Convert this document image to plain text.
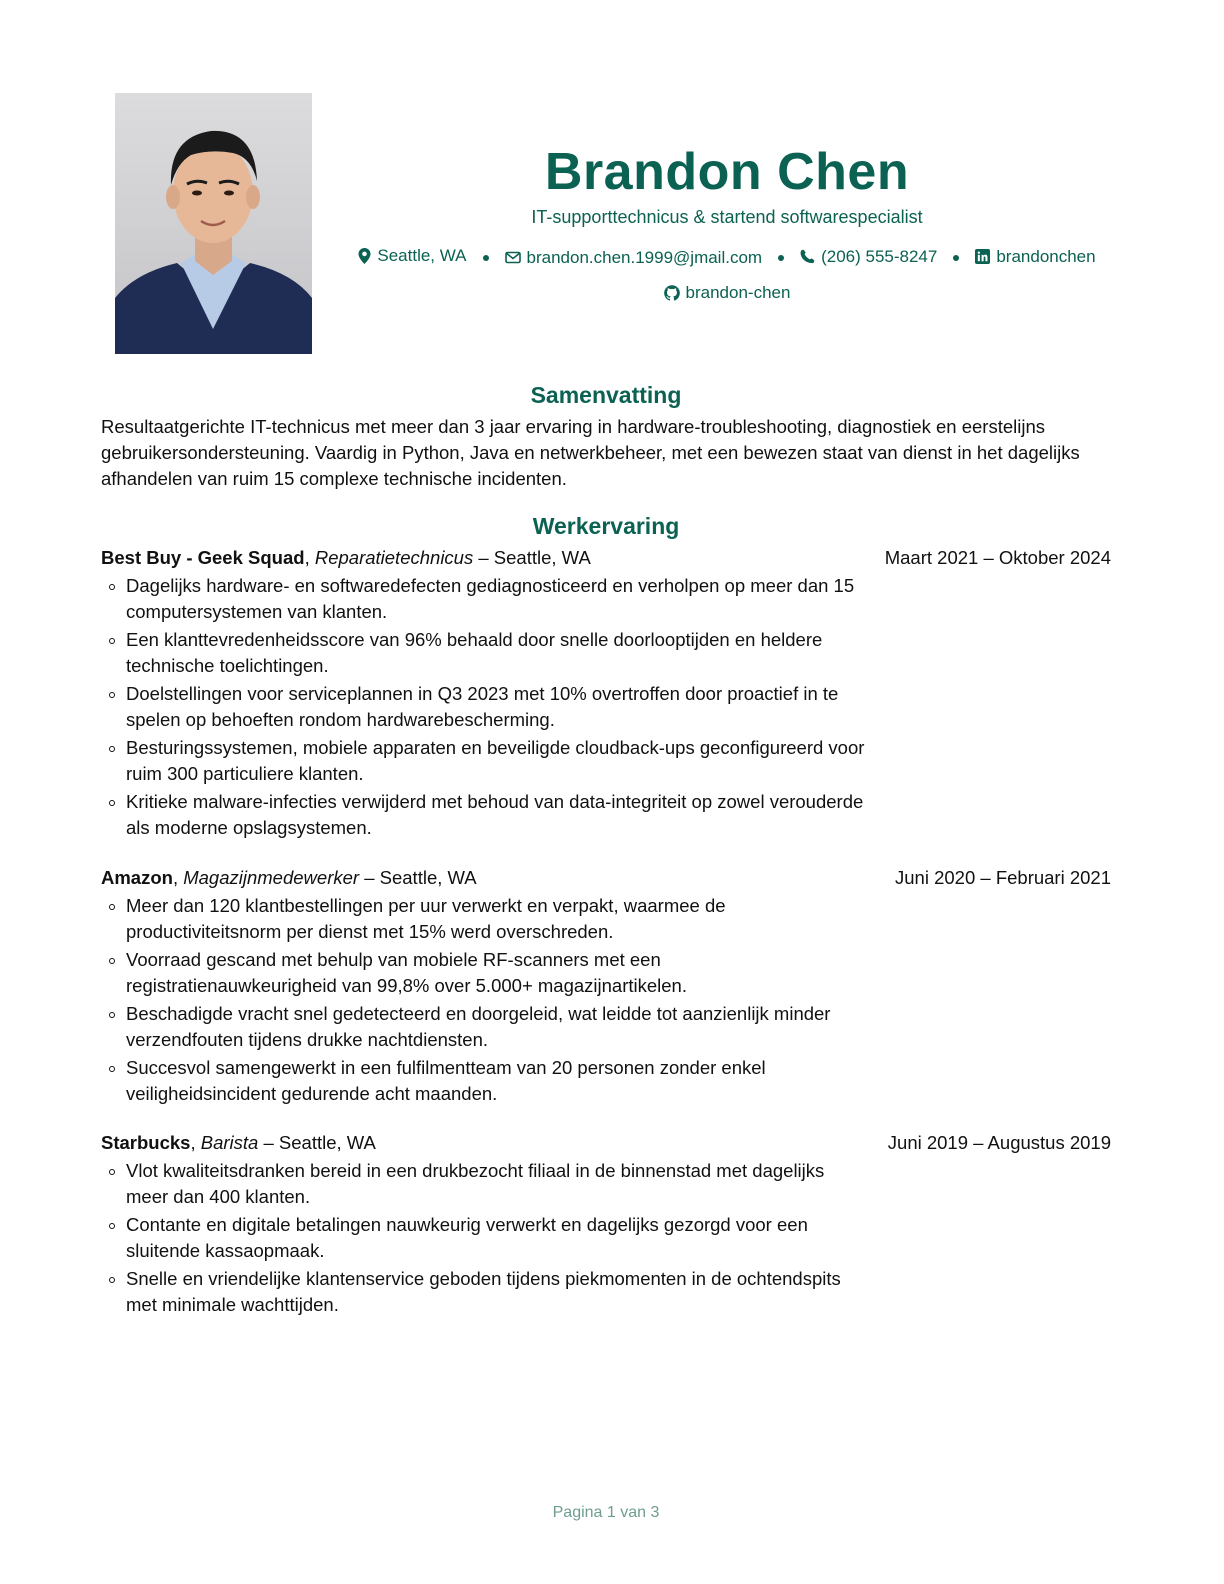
Brandon Chen
IT-supporttechnicus & startend softwarespecialist
Seattle, WA	brandon.chen.1999@jmail.com	(206) 555-8247	brandonchen

brandon-chen
Samenvatting

Resultaatgerichte IT-technicus met meer dan 3 jaar ervaring in hardware-troubleshooting, diagnostiek en eerstelijns gebruikersondersteuning. Vaardig in Python, Java en netwerkbeheer, met een bewezen staat van dienst in het dagelijks afhandelen van ruim 15 complexe technische incidenten.

Werkervaring
Best Buy - Geek Squad, Reparatietechnicus – Seattle, WA	Maart 2021 – Oktober 2024
Dagelijks hardware- en softwaredefecten gediagnosticeerd en verholpen op meer dan 15 computersystemen van klanten.
Een klanttevredenheidsscore van 96% behaald door snelle doorlooptijden en heldere technische toelichtingen.
Doelstellingen voor serviceplannen in Q3 2023 met 10% overtroffen door proactief in te spelen op behoeften rondom hardwarebescherming.
Besturingssystemen, mobiele apparaten en beveiligde cloudback-ups geconfigureerd voor ruim 300 particuliere klanten.
Kritieke malware-infecties verwijderd met behoud van data-integriteit op zowel verouderde als moderne opslagsystemen.
Amazon, Magazijnmedewerker – Seattle, WA	Juni 2020 – Februari 2021
Meer dan 120 klantbestellingen per uur verwerkt en verpakt, waarmee de productiviteitsnorm per dienst met 15% werd overschreden.
Voorraad gescand met behulp van mobiele RF-scanners met een registratienauwkeurigheid van 99,8% over 5.000+ magazijnartikelen.
Beschadigde vracht snel gedetecteerd en doorgeleid, wat leidde tot aanzienlijk minder verzendfouten tijdens drukke nachtdiensten.
Succesvol samengewerkt in een fulfilmentteam van 20 personen zonder enkel veiligheidsincident gedurende acht maanden.
Starbucks, Barista – Seattle, WA	Juni 2019 – Augustus 2019
Vlot kwaliteitsdranken bereid in een drukbezocht filiaal in de binnenstad met dagelijks meer dan 400 klanten.
Contante en digitale betalingen nauwkeurig verwerkt en dagelijks gezorgd voor een sluitende kassaopmaak.
Snelle en vriendelijke klantenservice geboden tijdens piekmomenten in de ochtendspits met minimale wachttijden.
Pagina 1 van 3
